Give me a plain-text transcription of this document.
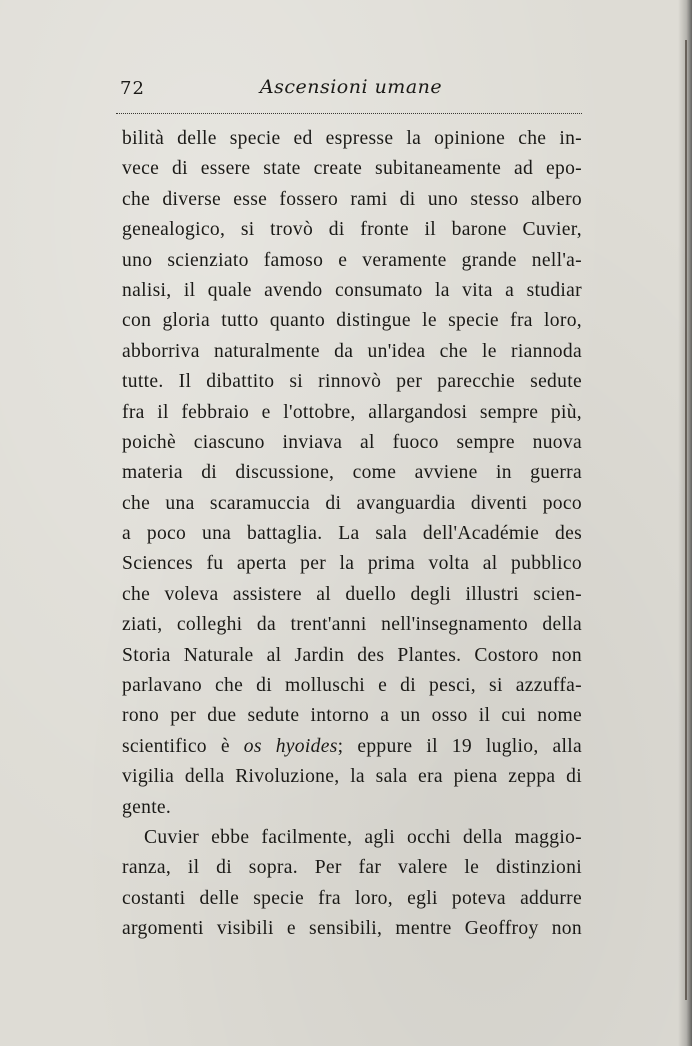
72	Ascensioni umane
bilità delle specie ed espresse la opinione che in-
vece di essere state create subitaneamente ad epo-
che diverse esse fossero rami di uno stesso albero
genealogico, si trovò di fronte il barone Cuvier,
uno scienziato famoso e veramente grande nell'a-
nalisi, il quale avendo consumato la vita a studiar
con gloria tutto quanto distingue le specie fra loro,
abborriva naturalmente da un'idea che le riannoda
tutte. Il dibattito si rinnovò per parecchie sedute
fra il febbraio e l'ottobre, allargandosi sempre più,
poichè ciascuno inviava al fuoco sempre nuova
materia di discussione, come avviene in guerra
che una scaramuccia di avanguardia diventi poco
a poco una battaglia. La sala dell'Académie des
Sciences fu aperta per la prima volta al pubblico
che voleva assistere al duello degli illustri scien-
ziati, colleghi da trent'anni nell'insegnamento della
Storia Naturale al Jardin des Plantes. Costoro non
parlavano che di molluschi e di pesci, si azzuffa-
rono per due sedute intorno a un osso il cui nome
scientifico è os hyoides; eppure il 19 luglio, alla
vigilia della Rivoluzione, la sala era piena zeppa di
gente.
Cuvier ebbe facilmente, agli occhi della maggio-
ranza, il di sopra. Per far valere le distinzioni
costanti delle specie fra loro, egli poteva addurre
argomenti visibili e sensibili, mentre Geoffroy non
